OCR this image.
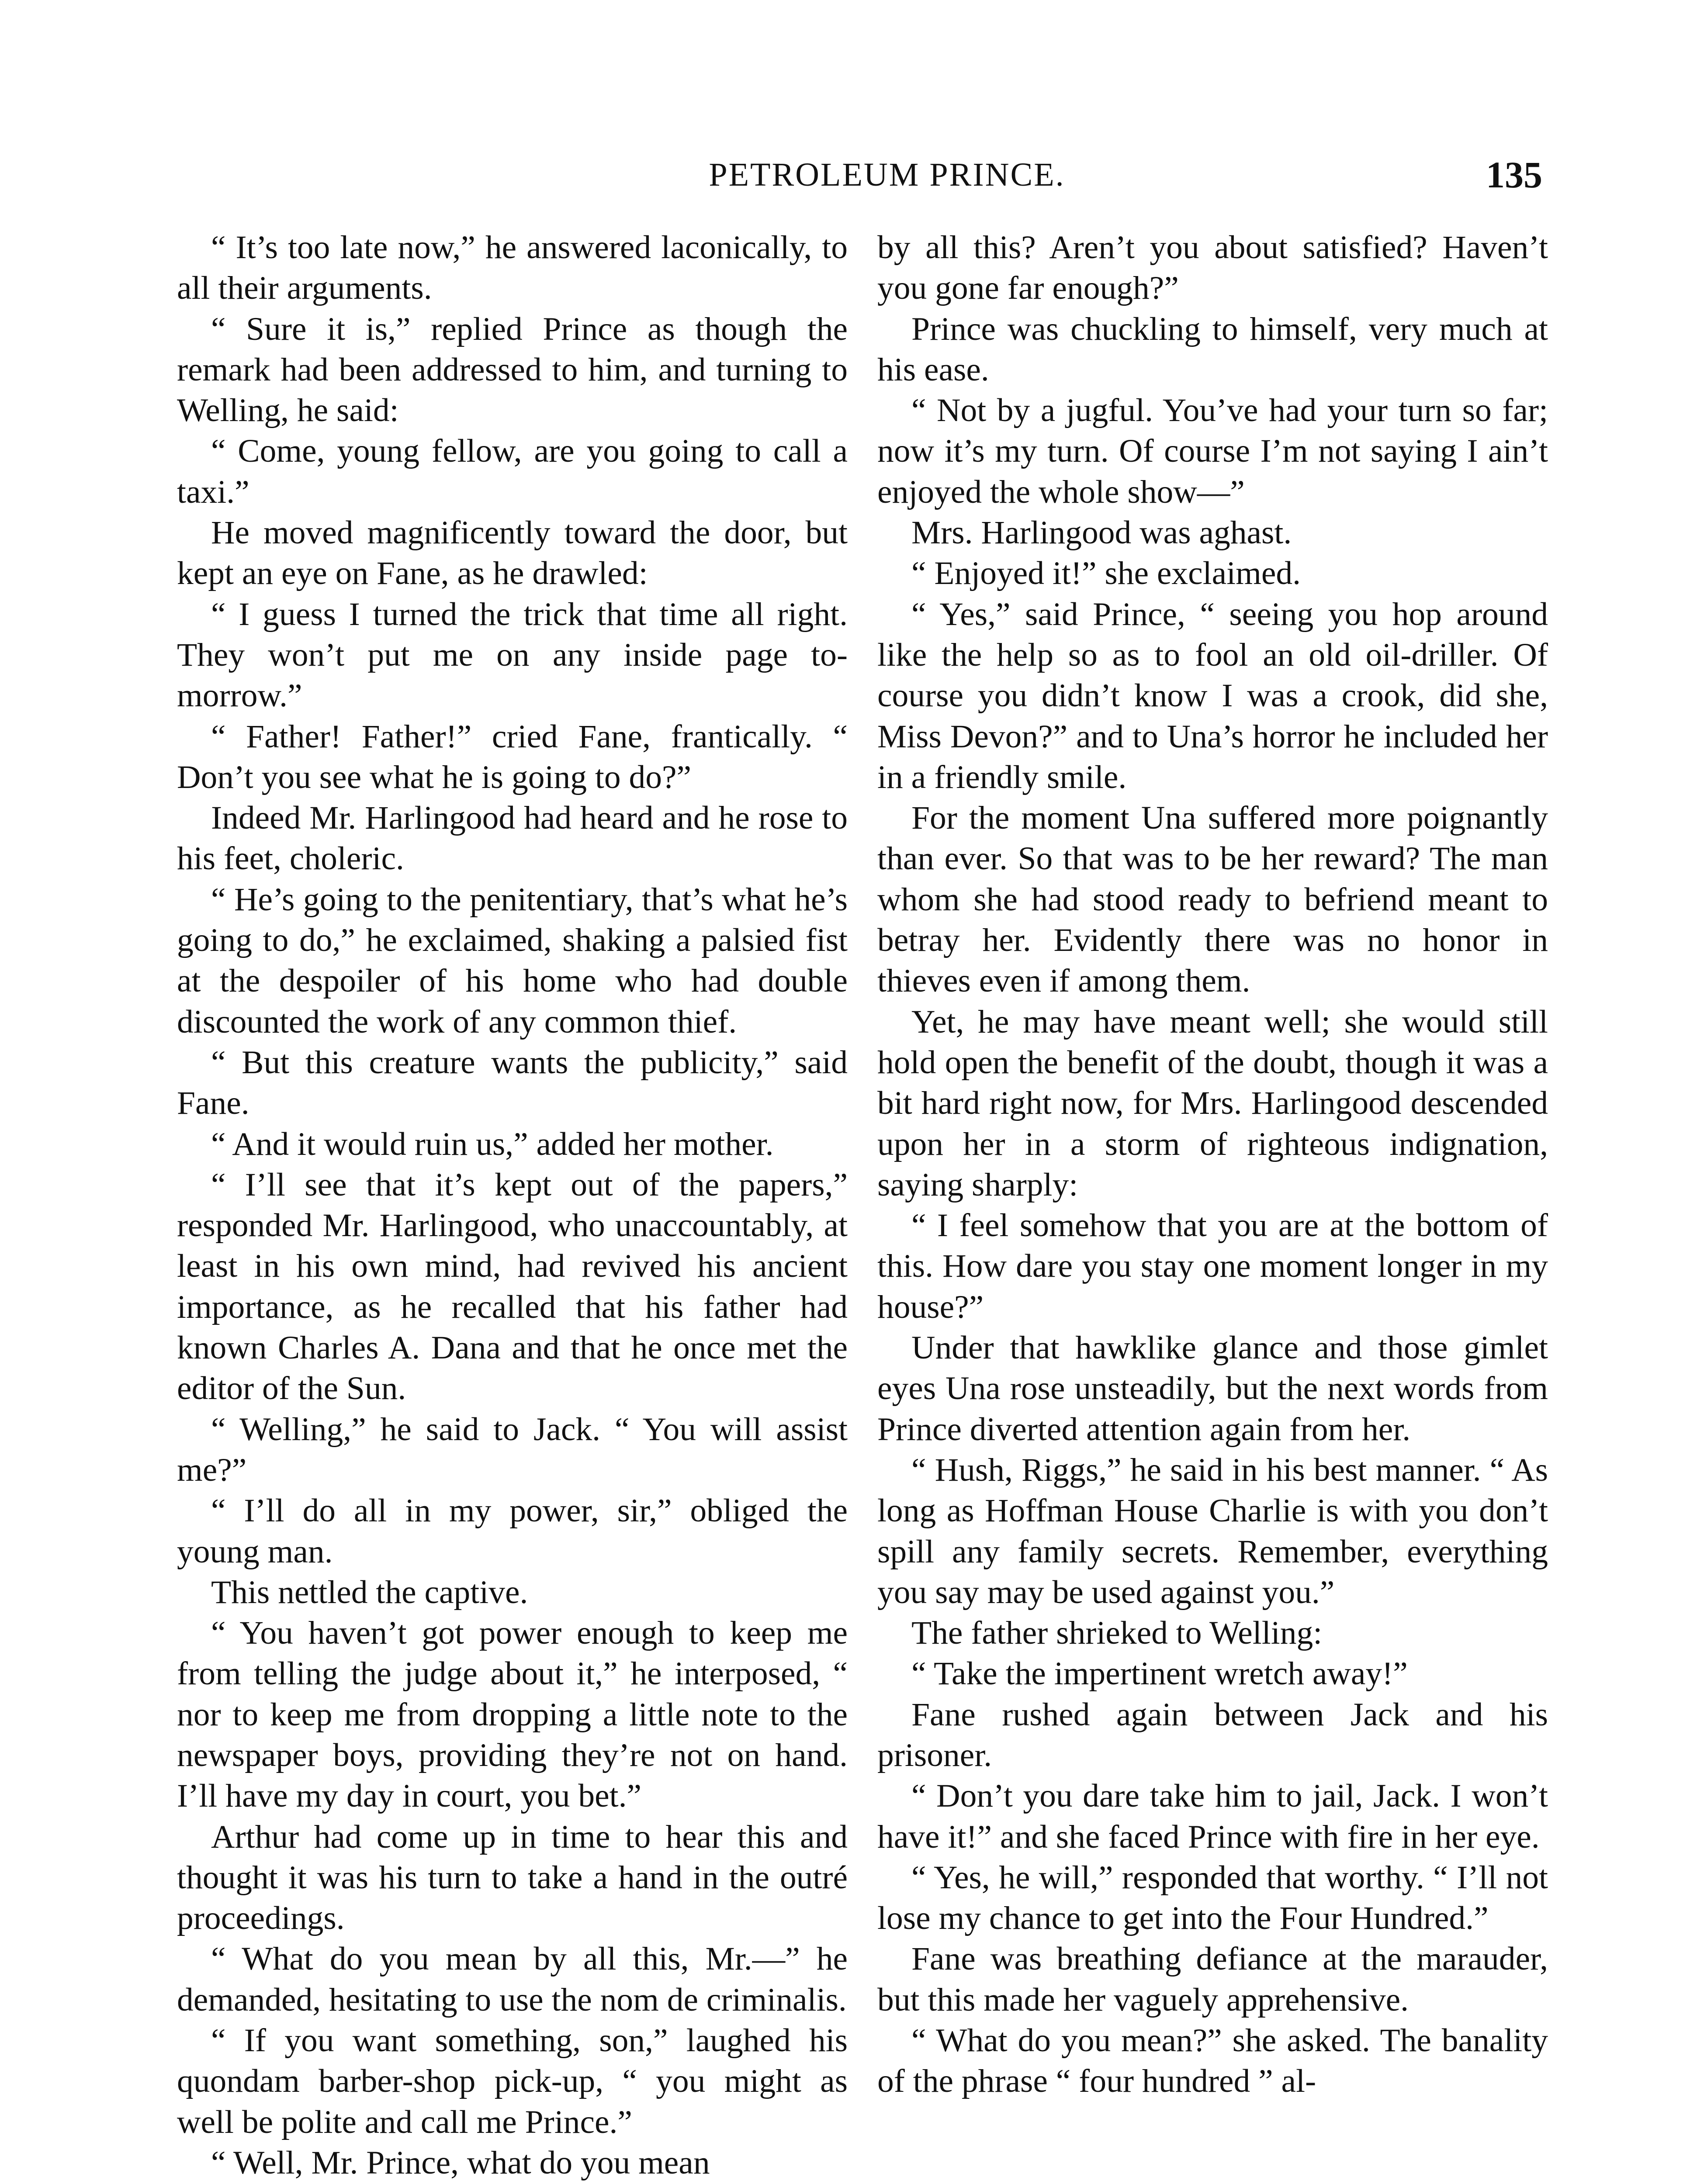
PETROLEUM PRINCE.	135

“ It’s too late now,” he answered laconically, to all their arguments.

“ Sure it is,” replied Prince as though the remark had been addressed to him, and turning to Welling, he said:

“ Come, young fellow, are you going to call a taxi.”

He moved magnificently toward the door, but kept an eye on Fane, as he drawled:

“ I guess I turned the trick that time all right. They won’t put me on any inside page to-morrow.”

“ Father! Father!” cried Fane, frantically. “ Don’t you see what he is going to do?”

Indeed Mr. Harlingood had heard and he rose to his feet, choleric.

“ He’s going to the penitentiary, that’s what he’s going to do,” he exclaimed, shaking a palsied fist at the despoiler of his home who had double discounted the work of any common thief.

“ But this creature wants the publicity,” said Fane.

“ And it would ruin us,” added her mother.

“ I’ll see that it’s kept out of the papers,” responded Mr. Harlingood, who unaccountably, at least in his own mind, had revived his ancient importance, as he recalled that his father had known Charles A. Dana and that he once met the editor of the Sun.

“ Welling,” he said to Jack. “ You will assist me?”

“ I’ll do all in my power, sir,” obliged the young man.

This nettled the captive.

“ You haven’t got power enough to keep me from telling the judge about it,” he interposed, “ nor to keep me from dropping a little note to the newspaper boys, providing they’re not on hand. I’ll have my day in court, you bet.”

Arthur had come up in time to hear this and thought it was his turn to take a hand in the outré proceedings.

“ What do you mean by all this, Mr.—” he demanded, hesitating to use the nom de criminalis.

“ If you want something, son,” laughed his quondam barber-shop pick-up, “ you might as well be polite and call me Prince.”

“ Well, Mr. Prince, what do you mean

by all this? Aren’t you about satisfied? Haven’t you gone far enough?”

Prince was chuckling to himself, very much at his ease.

“ Not by a jugful. You’ve had your turn so far; now it’s my turn. Of course I’m not saying I ain’t enjoyed the whole show—”

Mrs. Harlingood was aghast.

“ Enjoyed it!” she exclaimed.

“ Yes,” said Prince, “ seeing you hop around like the help so as to fool an old oil-driller. Of course you didn’t know I was a crook, did she, Miss Devon?” and to Una’s horror he included her in a friendly smile.

For the moment Una suffered more poignantly than ever. So that was to be her reward? The man whom she had stood ready to befriend meant to betray her. Evidently there was no honor in thieves even if among them.

Yet, he may have meant well; she would still hold open the benefit of the doubt, though it was a bit hard right now, for Mrs. Harlingood descended upon her in a storm of righteous indignation, saying sharply:

“ I feel somehow that you are at the bottom of this. How dare you stay one moment longer in my house?”

Under that hawklike glance and those gimlet eyes Una rose unsteadily, but the next words from Prince diverted attention again from her.

“ Hush, Riggs,” he said in his best manner. “ As long as Hoffman House Charlie is with you don’t spill any family secrets. Remember, everything you say may be used against you.”

The father shrieked to Welling:

“ Take the impertinent wretch away!”

Fane rushed again between Jack and his prisoner.

“ Don’t you dare take him to jail, Jack. I won’t have it!” and she faced Prince with fire in her eye.

“ Yes, he will,” responded that worthy. “ I’ll not lose my chance to get into the Four Hundred.”

Fane was breathing defiance at the marauder, but this made her vaguely apprehensive.

“ What do you mean?” she asked. The banality of the phrase “ four hundred ” al-
